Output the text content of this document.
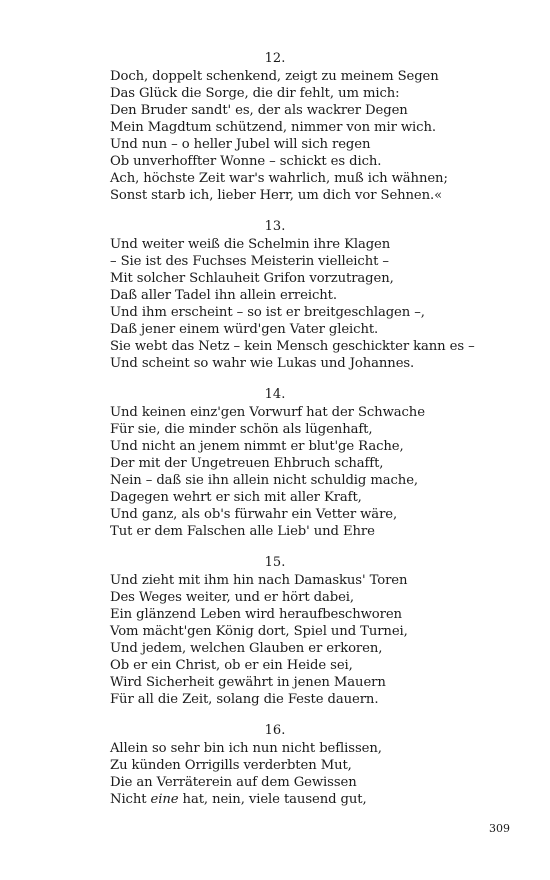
12.
Doch, doppelt schenkend, zeigt zu meinem Segen
Das Glück die Sorge, die dir fehlt, um mich:
Den Bruder sandt' es, der als wackrer Degen
Mein Magdtum schützend, nimmer von mir wich.
Und nun – o heller Jubel will sich regen
Ob unverhoffter Wonne – schickt es dich.
Ach, höchste Zeit war's wahrlich, muß ich wähnen;
Sonst starb ich, lieber Herr, um dich vor Sehnen.«
13.
Und weiter weiß die Schelmin ihre Klagen
– Sie ist des Fuchses Meisterin vielleicht –
Mit solcher Schlauheit Grifon vorzutragen,
Daß aller Tadel ihn allein erreicht.
Und ihm erscheint – so ist er breitgeschlagen –,
Daß jener einem würd'gen Vater gleicht.
Sie webt das Netz – kein Mensch geschickter kann es –
Und scheint so wahr wie Lukas und Johannes.
14.
Und keinen einz'gen Vorwurf hat der Schwache
Für sie, die minder schön als lügenhaft,
Und nicht an jenem nimmt er blut'ge Rache,
Der mit der Ungetreuen Ehbruch schafft,
Nein – daß sie ihn allein nicht schuldig mache,
Dagegen wehrt er sich mit aller Kraft,
Und ganz, als ob's fürwahr ein Vetter wäre,
Tut er dem Falschen alle Lieb' und Ehre
15.
Und zieht mit ihm hin nach Damaskus' Toren
Des Weges weiter, und er hört dabei,
Ein glänzend Leben wird heraufbeschworen
Vom mächt'gen König dort, Spiel und Turnei,
Und jedem, welchen Glauben er erkoren,
Ob er ein Christ, ob er ein Heide sei,
Wird Sicherheit gewährt in jenen Mauern
Für all die Zeit, solang die Feste dauern.
16.
Allein so sehr bin ich nun nicht beflissen,
Zu künden Orrigills verderbten Mut,
Die an Verräterein auf dem Gewissen
Nicht eine hat, nein, viele tausend gut,
309
